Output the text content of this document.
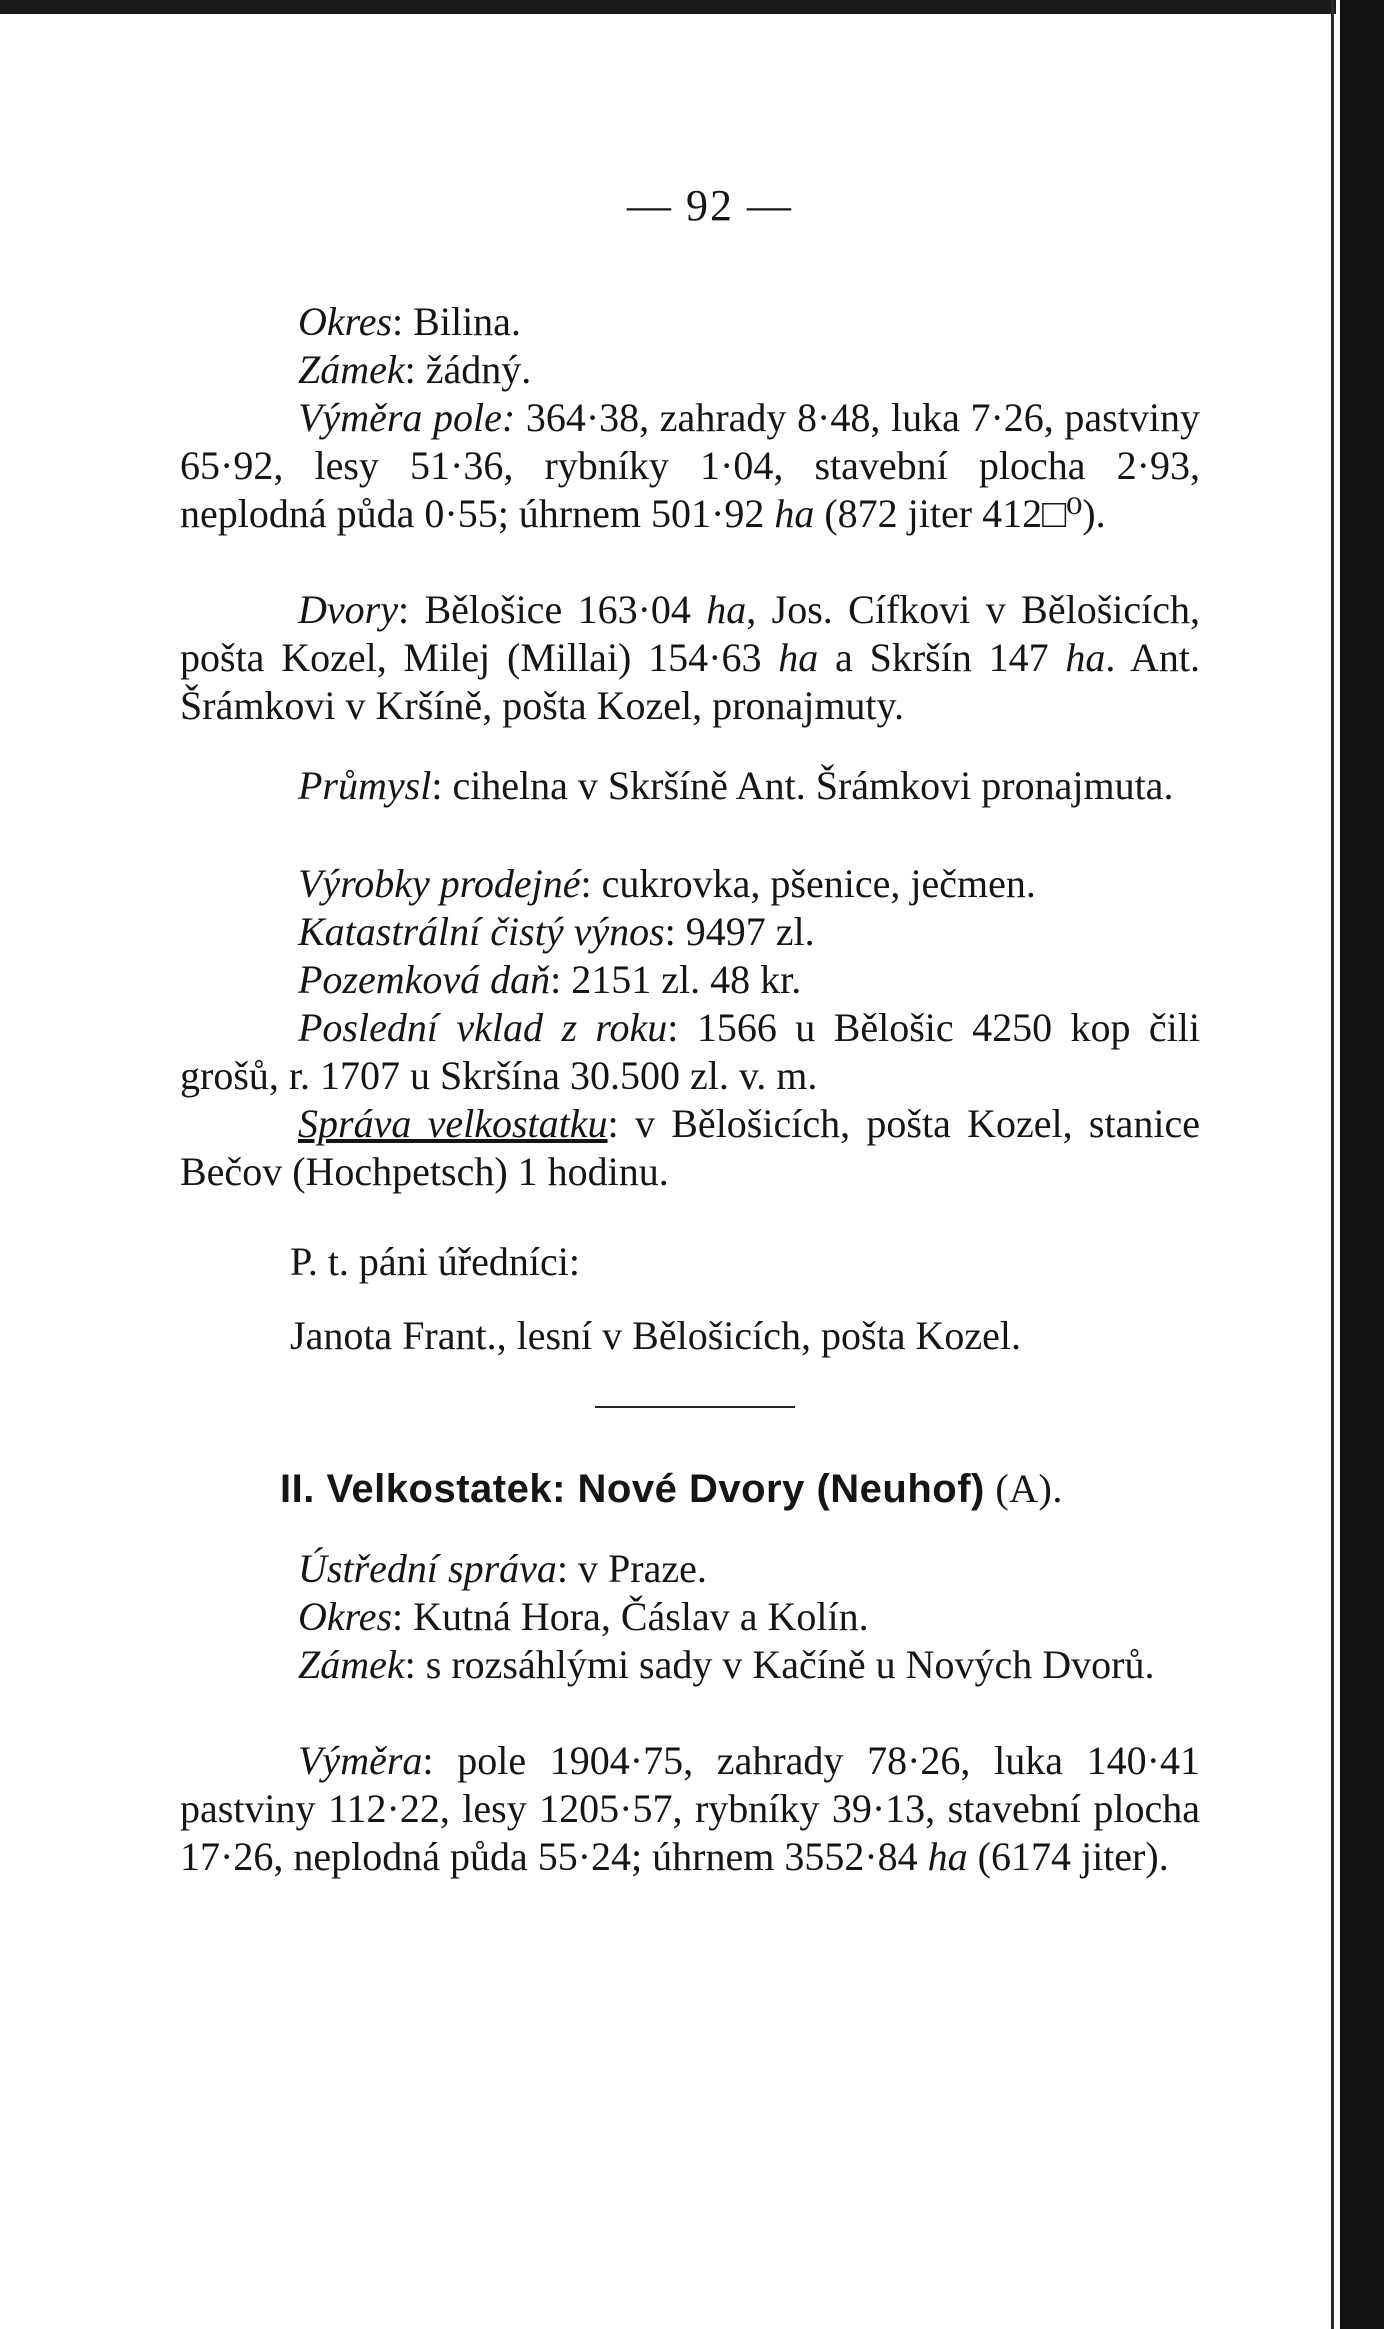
— 92 —
Okres: Bilina.
Zámek: žádný.
Výměra pole: 364·38, zahrady 8·48, luka 7·26, pastviny 65·92, lesy 51·36, rybníky 1·04, stavební plocha 2·93, neplodná půda 0·55; úhrnem 501·92 ha (872 jiter 412□⁰).
Dvory: Bělošice 163·04 ha, Jos. Cífkovi v Bělošicích, pošta Kozel, Milej (Millai) 154·63 ha a Skršín 147 ha. Ant. Šrámkovi v Kršíně, pošta Kozel, pronajmuty.
Průmysl: cihelna v Skršíně Ant. Šrámkovi pronajmuta.
Výrobky prodejné: cukrovka, pšenice, ječmen.
Katastrální čistý výnos: 9497 zl.
Pozemková daň: 2151 zl. 48 kr.
Poslední vklad z roku: 1566 u Bělošic 4250 kop čili grošů, r. 1707 u Skršína 30.500 zl. v. m.
Správa velkostatku: v Bělošicích, pošta Kozel, stanice Bečov (Hochpetsch) 1 hodinu.
P. t. páni úředníci:
Janota Frant., lesní v Bělošicích, pošta Kozel.
II. Velkostatek: Nové Dvory (Neuhof) (A).
Ústřední správa: v Praze.
Okres: Kutná Hora, Čáslav a Kolín.
Zámek: s rozsáhlými sady v Kačíně u Nových Dvorů.
Výměra: pole 1904·75, zahrady 78·26, luka 140·41 pastviny 112·22, lesy 1205·57, rybníky 39·13, stavební plocha 17·26, neplodná půda 55·24; úhrnem 3552·84 ha (6174 jiter).
